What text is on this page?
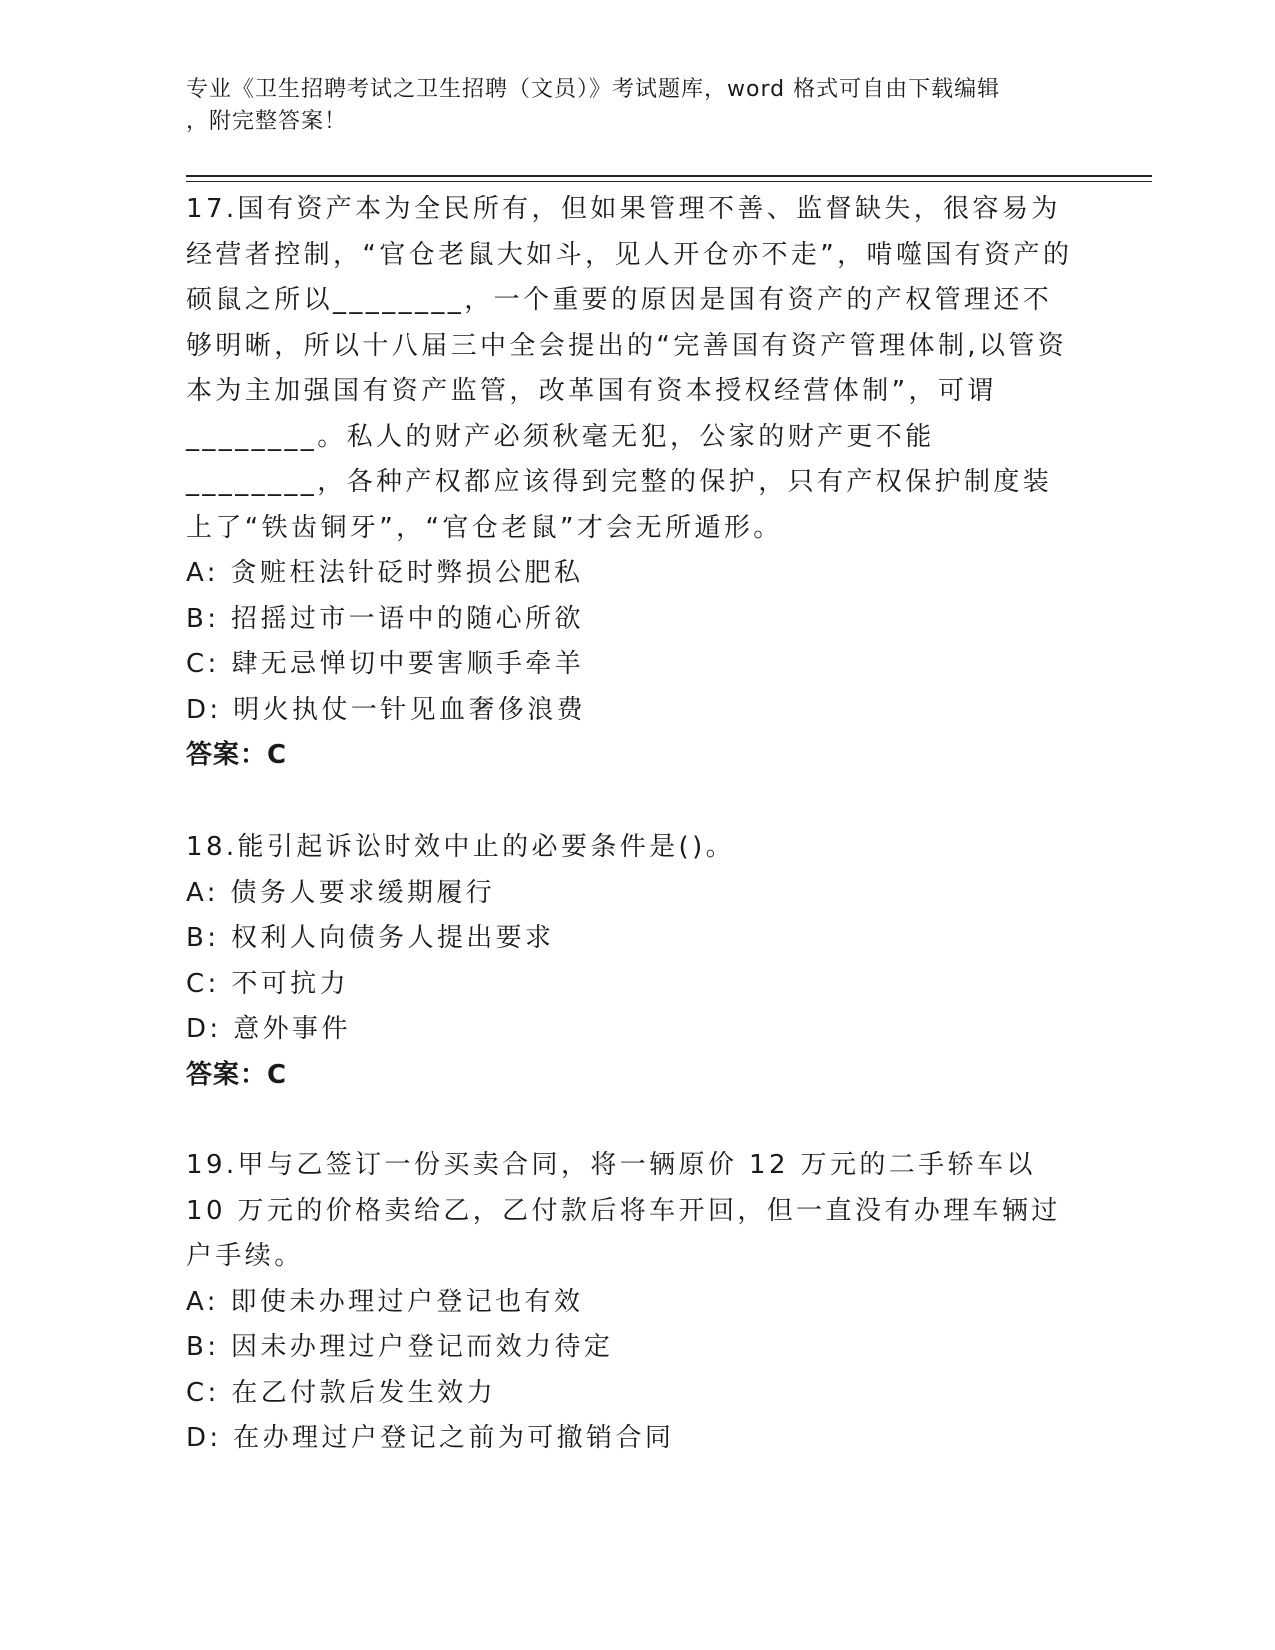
专业《卫生招聘考试之卫生招聘（文员）》考试题库，word 格式可自由下载编辑
，附完整答案！
17.国有资产本为全民所有，但如果管理不善、监督缺失，很容易为经营者控制，“官仓老鼠大如斗，见人开仓亦不走”，啃噬国有资产的硕鼠之所以________，一个重要的原因是国有资产的产权管理还不够明晰，所以十八届三中全会提出的“完善国有资产管理体制,以管资本为主加强国有资产监管，改革国有资本授权经营体制”，可谓________。私人的财产必须秋毫无犯，公家的财产更不能________，各种产权都应该得到完整的保护，只有产权保护制度装上了“铁齿铜牙”，“官仓老鼠”才会无所遁形。
A: 贪赃枉法针砭时弊损公肥私
B: 招摇过市一语中的随心所欲
C: 肆无忌惮切中要害顺手牵羊
D: 明火执仗一针见血奢侈浪费
答案：C
18.能引起诉讼时效中止的必要条件是()。
A: 债务人要求缓期履行
B: 权利人向债务人提出要求
C: 不可抗力
D: 意外事件
答案：C
19.甲与乙签订一份买卖合同，将一辆原价 12 万元的二手轿车以 10 万元的价格卖给乙，乙付款后将车开回，但一直没有办理车辆过户手续。
A: 即使未办理过户登记也有效
B: 因未办理过户登记而效力待定
C: 在乙付款后发生效力
D: 在办理过户登记之前为可撤销合同
